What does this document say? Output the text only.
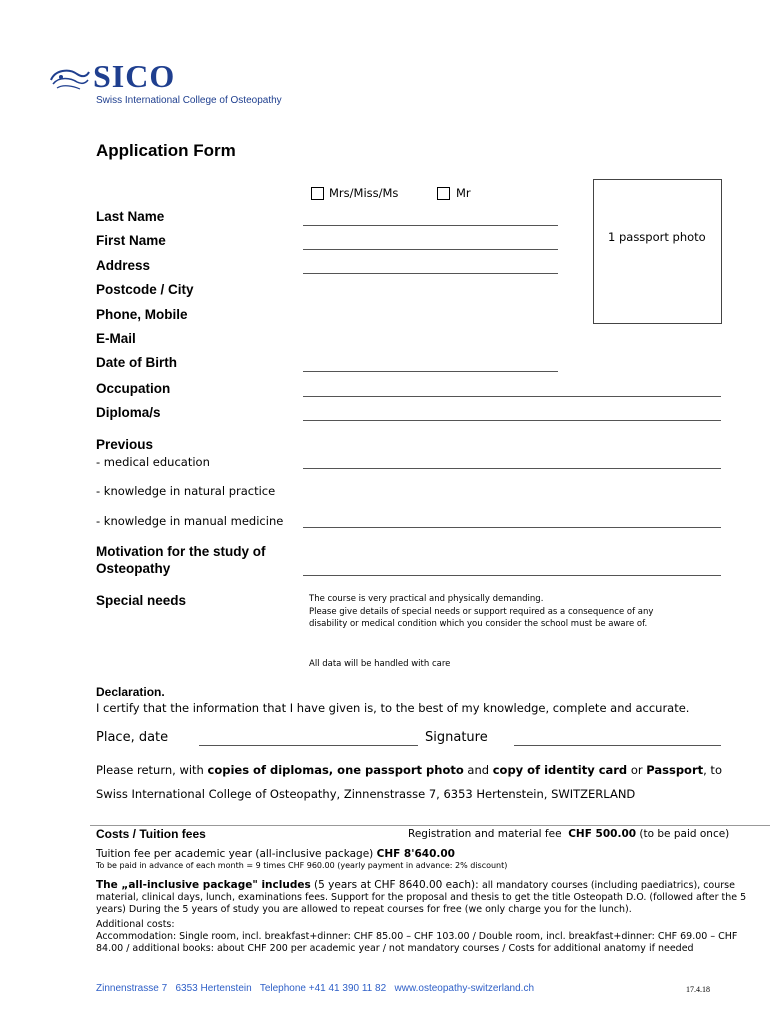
SICO
Swiss International College of Osteopathy
Application Form
Mrs/Miss/Ms	Mr
1 passport photo
Last Name
First Name
Address
Postcode / City
Phone, Mobile
E-Mail
Date of Birth
Occupation
Diploma/s
Previous
- medical education
- knowledge in natural practice
- knowledge in manual medicine
Motivation for the study of
Osteopathy
Special needs	The course is very practical and physically demanding.
Please give details of special needs or support required as a consequence of any
disability or medical condition which you consider the school must be aware of.
All data will be handled with care
Declaration.
I certify that the information that I have given is, to the best of my knowledge, complete and accurate.
Place, date	Signature
Please return, with copies of diplomas, one passport photo and copy of identity card or Passport, to
Swiss International College of Osteopathy, Zinnenstrasse 7, 6353 Hertenstein, SWITZERLAND
Costs / Tuition fees	Registration and material fee CHF 500.00 (to be paid once)
Tuition fee per academic year (all-inclusive package) CHF 8'640.00
To be paid in advance of each month = 9 times CHF 960.00 (yearly payment in advance: 2% discount)
The „all-inclusive package" includes (5 years at CHF 8640.00 each): all mandatory courses (including paediatrics), course
material, clinical days, lunch, examinations fees. Support for the proposal and thesis to get the title Osteopath D.O. (followed after the 5
years) During the 5 years of study you are allowed to repeat courses for free (we only charge you for the lunch).
Additional costs:
Accommodation: Single room, incl. breakfast+dinner: CHF 85.00 – CHF 103.00 / Double room, incl. breakfast+dinner: CHF 69.00 – CHF
84.00 / additional books: about CHF 200 per academic year / not mandatory courses / Costs for additional anatomy if needed
Zinnenstrasse 7 6353 Hertenstein Telephone +41 41 390 11 82 www.osteopathy-switzerland.ch	17.4.18
